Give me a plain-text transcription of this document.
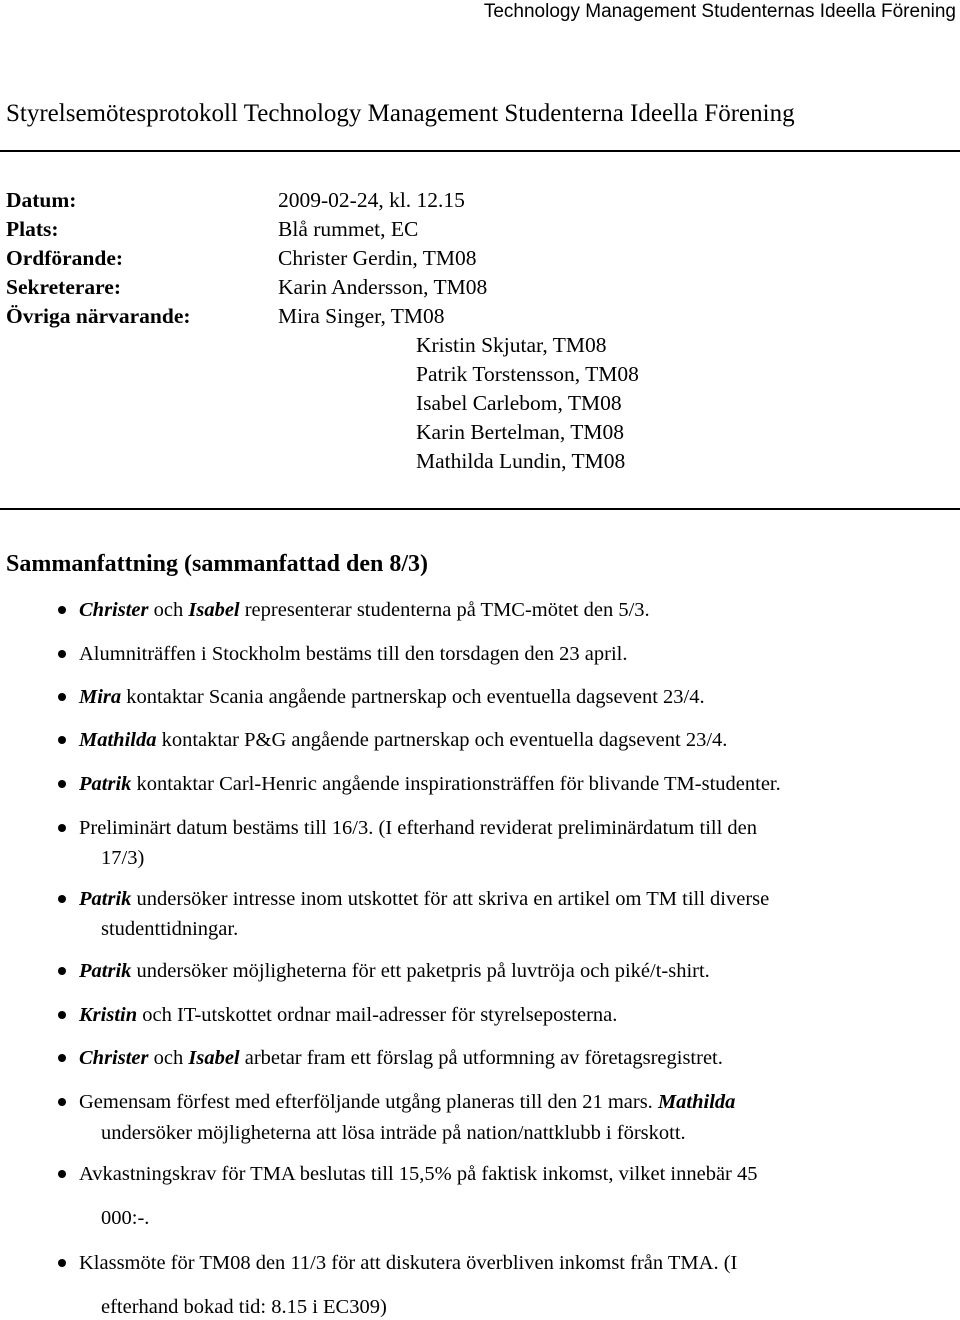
Technology Management Studenternas Ideella Förening
Styrelsemötesprotokoll Technology Management Studenterna Ideella Förening
Datum:	2009-02-24, kl. 12.15
Plats:	Blå rummet, EC
Ordförande:	Christer Gerdin, TM08
Sekreterare:	Karin Andersson, TM08
Övriga närvarande:	Mira Singer, TM08
Kristin Skjutar, TM08
Patrik Torstensson, TM08
Isabel Carlebom, TM08
Karin Bertelman, TM08
Mathilda Lundin, TM08
Sammanfattning (sammanfattad den 8/3)
Christer och Isabel representerar studenterna på TMC-mötet den 5/3.
Alumniträffen i Stockholm bestäms till den torsdagen den 23 april.
Mira kontaktar Scania angående partnerskap och eventuella dagsevent 23/4.
Mathilda kontaktar P&G angående partnerskap och eventuella dagsevent 23/4.
Patrik kontaktar Carl-Henric angående inspirationsträffen för blivande TM-studenter.
Preliminärt datum bestäms till 16/3. (I efterhand reviderat preliminärdatum till den
17/3)
Patrik undersöker intresse inom utskottet för att skriva en artikel om TM till diverse
studenttidningar.
Patrik undersöker möjligheterna för ett paketpris på luvtröja och piké/t-shirt.
Kristin och IT-utskottet ordnar mail-adresser för styrelseposterna.
Christer och Isabel arbetar fram ett förslag på utformning av företagsregistret.
Gemensam förfest med efterföljande utgång planeras till den 21 mars. Mathilda
undersöker möjligheterna att lösa inträde på nation/nattklubb i förskott.
Avkastningskrav för TMA beslutas till 15,5% på faktisk inkomst, vilket innebär 45
000:-.
Klassmöte för TM08 den 11/3 för att diskutera överbliven inkomst från TMA. (I
efterhand bokad tid: 8.15 i EC309)
